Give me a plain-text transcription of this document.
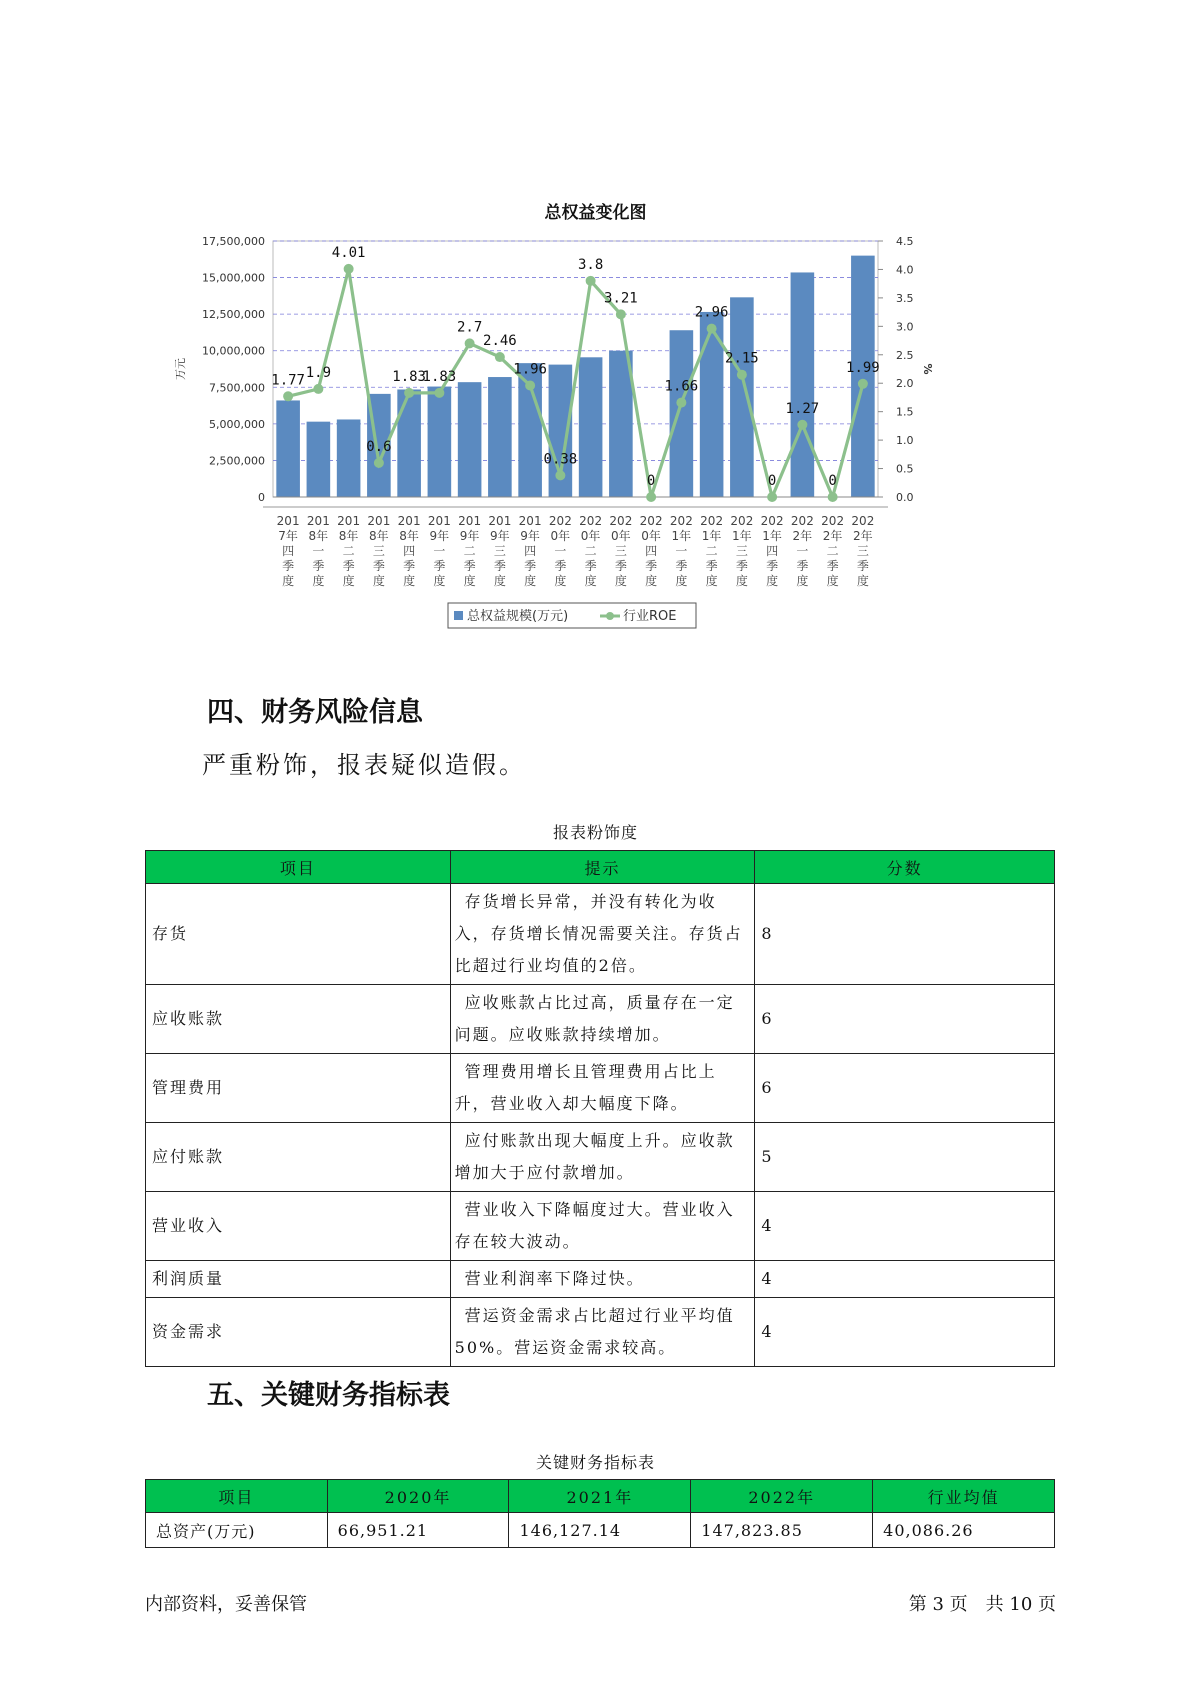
总权益变化图
0
2,500,000
5,000,000
7,500,000
10,000,000
12,500,000
15,000,000
17,500,000
0.0
0.5
1.0
1.5
2.0
2.5
3.0
3.5
4.0
4.5
万元	%
1.77 1.9
4.01
0.6
1.83
1.83
2.7
2.46
1.96
0.38
3.8
3.21
0
1.66
2.96
2.15
0
1.27
0
1.99
201 7年四季度
201 8年一季度
201 8年二季度
201 8年三季度
201 8年四季度
201 9年一季度
201 9年二季度
201 9年三季度
201 9年四季度
202 0年一季度
202 0年二季度
202 0年三季度
202 0年四季度
202 1年一季度
202 1年二季度
202 1年三季度
202 1年四季度
202 2年一季度
202 2年二季度
202 2年三季度
总权益规模(万元)	行业ROE
四、财务风险信息
严重粉饰，报表疑似造假。
报表粉饰度
项目	提示	分数
存货	存货增长异常，并没有转化为收入，存货增长情况需要关注。存货占比超过行业均值的2倍。	8
应收账款	应收账款占比过高，质量存在一定问题。应收账款持续增加。	6
管理费用	管理费用增长且管理费用占比上升，营业收入却大幅度下降。	6
应付账款	应付账款出现大幅度上升。应收款增加大于应付款增加。	5
营业收入	营业收入下降幅度过大。营业收入存在较大波动。	4
利润质量	营业利润率下降过快。	4
资金需求	营运资金需求占比超过行业平均值50%。营运资金需求较高。	4
五、关键财务指标表
关键财务指标表
项目	2020年	2021年	2022年	行业均值
总资产(万元)	66,951.21	146,127.14	147,823.85	40,086.26
内部资料，妥善保管	第 3 页　共 10 页
